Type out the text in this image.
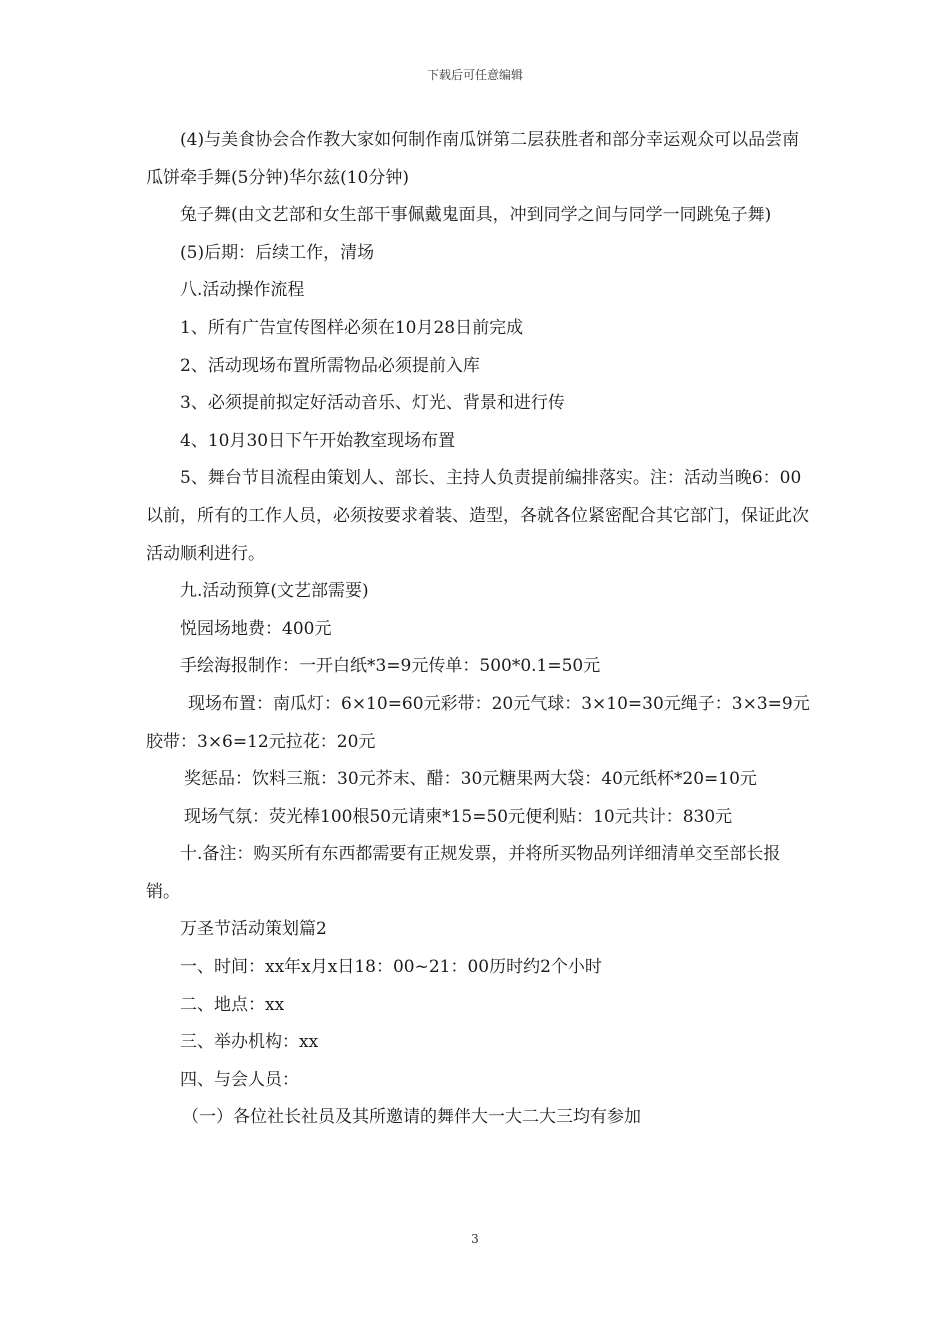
下载后可任意编辑

(4)与美食协会合作教大家如何制作南瓜饼第二层获胜者和部分幸运观众可以品尝南瓜饼牵手舞(5分钟)华尔兹(10分钟)

兔子舞(由文艺部和女生部干事佩戴鬼面具，冲到同学之间与同学一同跳兔子舞)

(5)后期：后续工作，清场

八.活动操作流程

1、所有广告宣传图样必须在10月28日前完成

2、活动现场布置所需物品必须提前入库

3、必须提前拟定好活动音乐、灯光、背景和进行传

4、10月30日下午开始教室现场布置

5、舞台节目流程由策划人、部长、主持人负责提前编排落实。注：活动当晚6：00以前，所有的工作人员，必须按要求着装、造型，各就各位紧密配合其它部门，保证此次活动顺利进行。

九.活动预算(文艺部需要)

悦园场地费：400元

手绘海报制作：一开白纸*3=9元传单：500*0.1=50元

现场布置：南瓜灯：6×10=60元彩带：20元气球：3×10=30元绳子：3×3=9元胶带：3×6=12元拉花：20元

奖惩品：饮料三瓶：30元芥末、醋：30元糖果两大袋：40元纸杯*20=10元

现场气氛：荧光棒100根50元请柬*15=50元便利贴：10元共计：830元

十.备注：购买所有东西都需要有正规发票，并将所买物品列详细清单交至部长报销。

万圣节活动策划篇2

一、时间：xx年x月x日18：00~21：00历时约2个小时

二、地点：xx

三、举办机构：xx

四、与会人员：

（一）各位社长社员及其所邀请的舞伴大一大二大三均有参加

3
